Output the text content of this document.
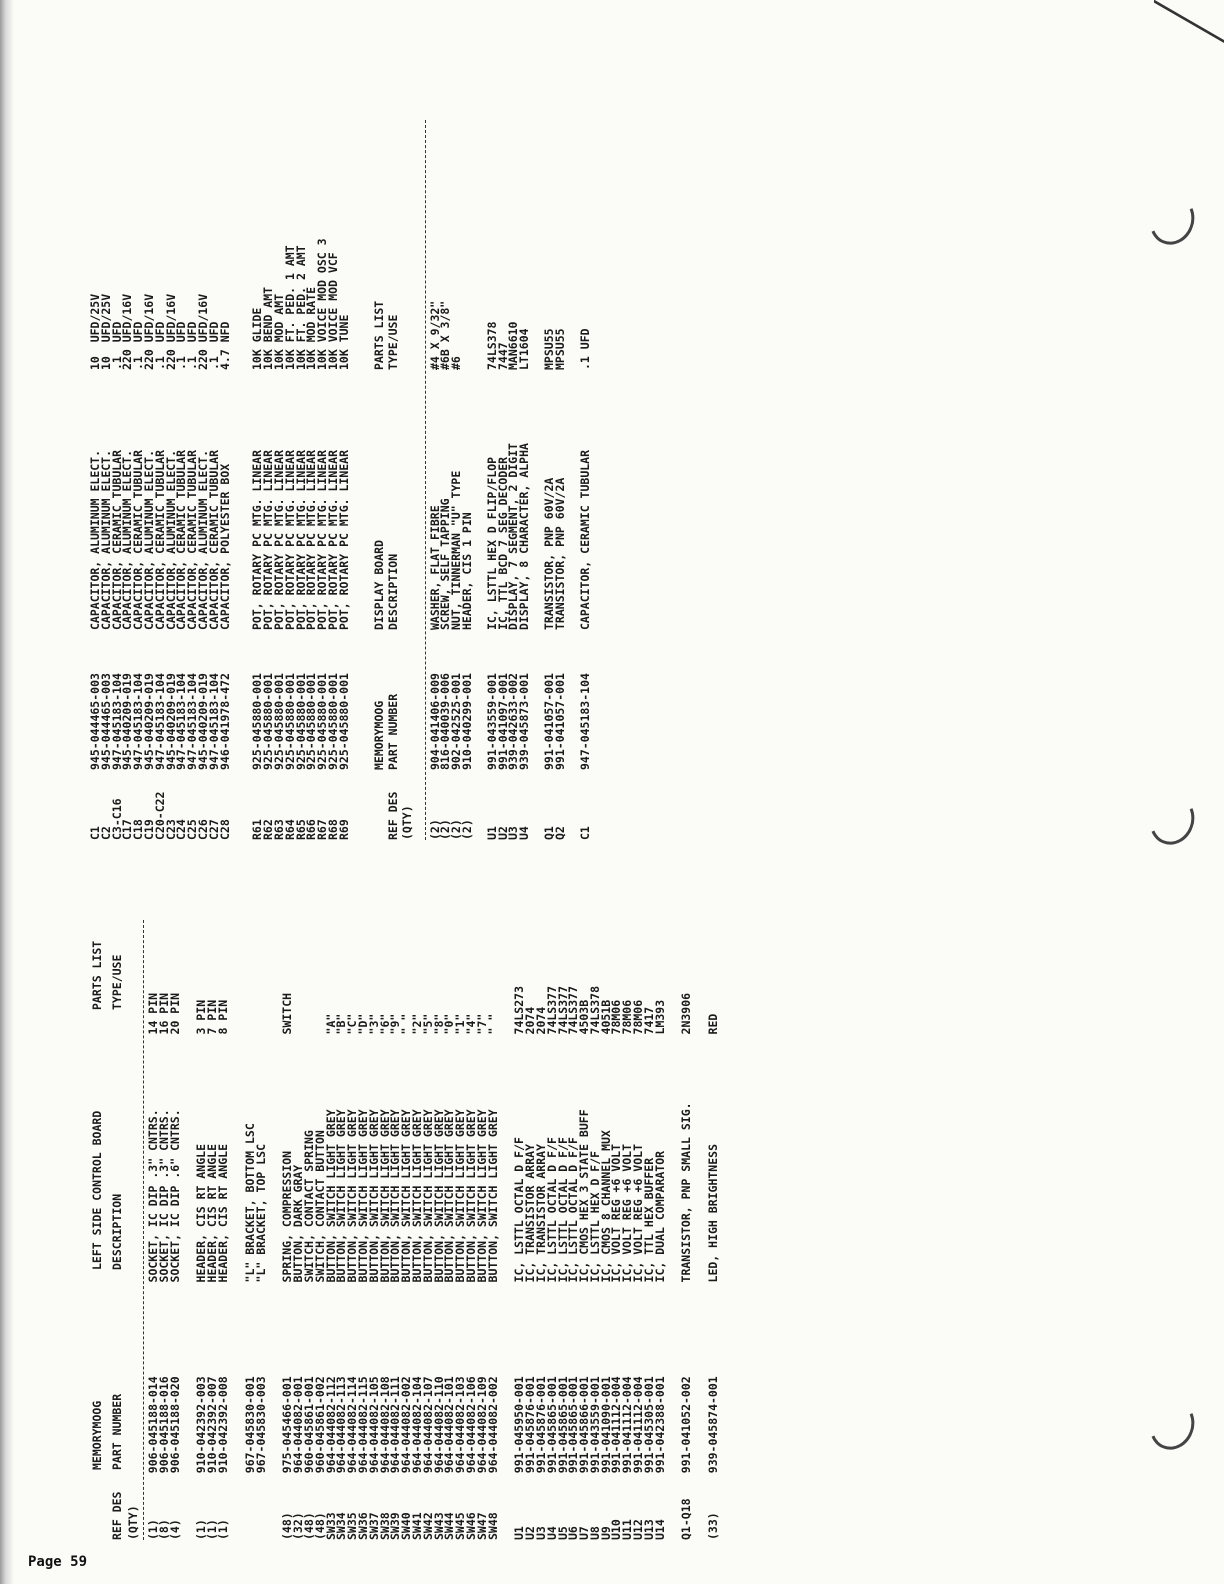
Page 59
MEMORYMOOG
LEFT SIDE CONTROL BOARD
PARTS LIST
REF DES
PART NUMBER
DESCRIPTION
TYPE/USE
(QTY) (1)
906-045188-014
SOCKET, IC DIP .3" CNTRS.
14 PIN
(8)
906-045188-016
SOCKET, IC DIP .3" CNTRS.
16 PIN
(4)
906-045188-020
SOCKET, IC DIP .6" CNTRS.
20 PIN
(1)
910-042392-003
HEADER, CIS RT ANGLE
3 PIN
(1)
910-042392-007
HEADER, CIS RT ANGLE
7 PIN
(1)
910-042392-008
HEADER, CIS RT ANGLE
8 PIN
967-045830-001
"L" BRACKET, BOTTOM LSC
967-045830-003
"L" BRACKET, TOP LSC
(48)
975-045466-001
SPRING, COMPRESSION
SWITCH
(32)
964-044082-001
BUTTON, DARK GRAY
(48)
960-045861-001
SWITCH, CONTACT SPRING
(48)
960-045861-002
SWITCH, CONTACT BUTTON
SW33
964-044082-112
BUTTON, SWITCH LIGHT GREY
"A"
SW34
964-044082-113
BUTTON, SWITCH LIGHT GREY
"B"
SW35
964-044082-114
BUTTON, SWITCH LIGHT GREY
"C"
SW36
964-044082-115
BUTTON, SWITCH LIGHT GREY
"D"
SW37
964-044082-105
BUTTON, SWITCH LIGHT GREY
"3"
SW38
964-044082-108
BUTTON, SWITCH LIGHT GREY
"6"
SW39
964-044082-111
BUTTON, SWITCH LIGHT GREY
"9"
SW40
964-044082-002
BUTTON, SWITCH LIGHT GREY
" "
SW41
964-044082-104
BUTTON, SWITCH LIGHT GREY
"2"
SW42
964-044082-107
BUTTON, SWITCH LIGHT GREY
"5"
SW43
964-044082-110
BUTTON, SWITCH LIGHT GREY
"8"
SW44
964-044082-101
BUTTON, SWITCH LIGHT GREY
"0"
SW45
964-044082-103
BUTTON, SWITCH LIGHT GREY
"1"
SW46
964-044082-106
BUTTON, SWITCH LIGHT GREY
"4"
SW47
964-044082-109
BUTTON, SWITCH LIGHT GREY
"7"
SW48
964-044082-002
BUTTON, SWITCH LIGHT GREY
" "
U1
991-045950-001
IC, LSTTL OCTAL D F/F
74LS273
U2
991-045876-001
IC, TRANSISTOR ARRAY
2074
U3
991-045876-001
IC, TRANSISTOR ARRAY
2074
U4
991-045865-001
IC, LSTTL OCTAL D F/F
74LS377
U5
991-045865-001
IC, LSTTL OCTAL D F/F
74LS377
U6
991-045865-001
IC, LSTTL OCTAL D F/F
74LS377
U7
991-045866-001
IC, CMOS HEX 3 STATE BUFF
4503B
U8
991-043559-001
IC, LSTTL HEX D F/F
74LS378
U9
991-041090-001
IC, CMOS 8 CHANNEL MUX
4051B
U10
991-041112-004
IC, VOLT REG +6 VOLT
78M06
U11
991-041112-004
IC, VOLT REG +6 VOLT
78M06
U12
991-041112-004
IC, VOLT REG +6 VOLT
78M06
U13
991-045305-001
IC, TTL HEX BUFFER
7417
U14
991-042388-001
IC, DUAL COMPARATOR
LM393
Q1-Q18
991-041052-002
TRANSISTOR, PNP SMALL SIG.
2N3906
(33)
939-045874-001
LED, HIGH BRIGHTNESS
RED
C1
945-044465-003
CAPACITOR, ALUMINUM ELECT.
10  UFD/25V
C2
945-044465-003
CAPACITOR, ALUMINUM ELECT.
10  UFD/25V
C3-C16
947-045183-104
CAPACITOR, CERAMIC TUBULAR
.1  UFD
C17
945-040209-019
CAPACITOR, ALUMINUM ELECT.
220 UFD/16V
C18
947-045183-104
CAPACITOR, CERAMIC TUBULAR
.1  UFD
C19
945-040209-019
CAPACITOR, ALUMINUM ELECT.
220 UFD/16V
C20-C22
947-045183-104
CAPACITOR, CERAMIC TUBULAR
.1  UFD
C23
945-040209-019
CAPACITOR, ALUMINUM ELECT.
220 UFD/16V
C24
947-045183-104
CAPACITOR, CERAMIC TUBULAR
.1  UFD
C25
947-045183-104
CAPACITOR, CERAMIC TUBULAR
.1  UFD
C26
945-040209-019
CAPACITOR, ALUMINUM ELECT.
220 UFD/16V
C27
947-045183-104
CAPACITOR, CERAMIC TUBULAR
.1  UFD
C28
946-041978-472
CAPACITOR, POLYESTER BOX
4.7 NFD
R61
925-045880-001
POT, ROTARY PC MTG. LINEAR
10K GLIDE
R62
925-045880-001
POT, ROTARY PC MTG. LINEAR
10K BEND AMT
R63
925-045880-001
POT, ROTARY PC MTG. LINEAR
10K MOD AMT
R64
925-045880-001
POT, ROTARY PC MTG. LINEAR
10K FT. PED. 1 AMT
R65
925-045880-001
POT, ROTARY PC MTG. LINEAR
10K FT. PED. 2 AMT
R66
925-045880-001
POT, ROTARY PC MTG. LINEAR
10K MOD RATE
R67
925-045880-001
POT, ROTARY PC MTG. LINEAR
10K VOICE MOD OSC 3
R68
925-045880-001
POT, ROTARY PC MTG. LINEAR
10K VOICE MOD VCF
R69
925-045880-001
POT, ROTARY PC MTG. LINEAR
10K TUNE
MEMORYMOOG
DISPLAY BOARD
REF DES
PART NUMBER
DESCRIPTION
PARTS LIST TYPE/USE
(QTY) (2)
904-041406-009
WASHER, FLAT FIBRE
#4 X 9/32"
(2)
816-040039-006
SCREW, SELF TAPPING
#6B X 3/8"
(2)
902-042525-001
NUT, TINNERMAN "U" TYPE
#6
(2)
910-040299-001
HEADER, CIS 1 PIN
U1
991-043559-001
IC, LSTTL HEX D FLIP/FLOP
74LS378
U2
991-041097-001
IC, TTL BCD 7 SEG DECODER
7447
U3
939-042633-002
DISPLAY, 7 SEGMENT, 2 DIGIT
MAN6610
U4
939-045873-001
DISPLAY, 8 CHARACTER, ALPHA
LT1604
Q1
991-041057-001
TRANSISTOR, PNP 60V/2A
MPSU55
Q2
991-041057-001
TRANSISTOR, PNP 60V/2A
MPSU55
C1
947-045183-104
CAPACITOR, CERAMIC TUBULAR
.1 UFD
